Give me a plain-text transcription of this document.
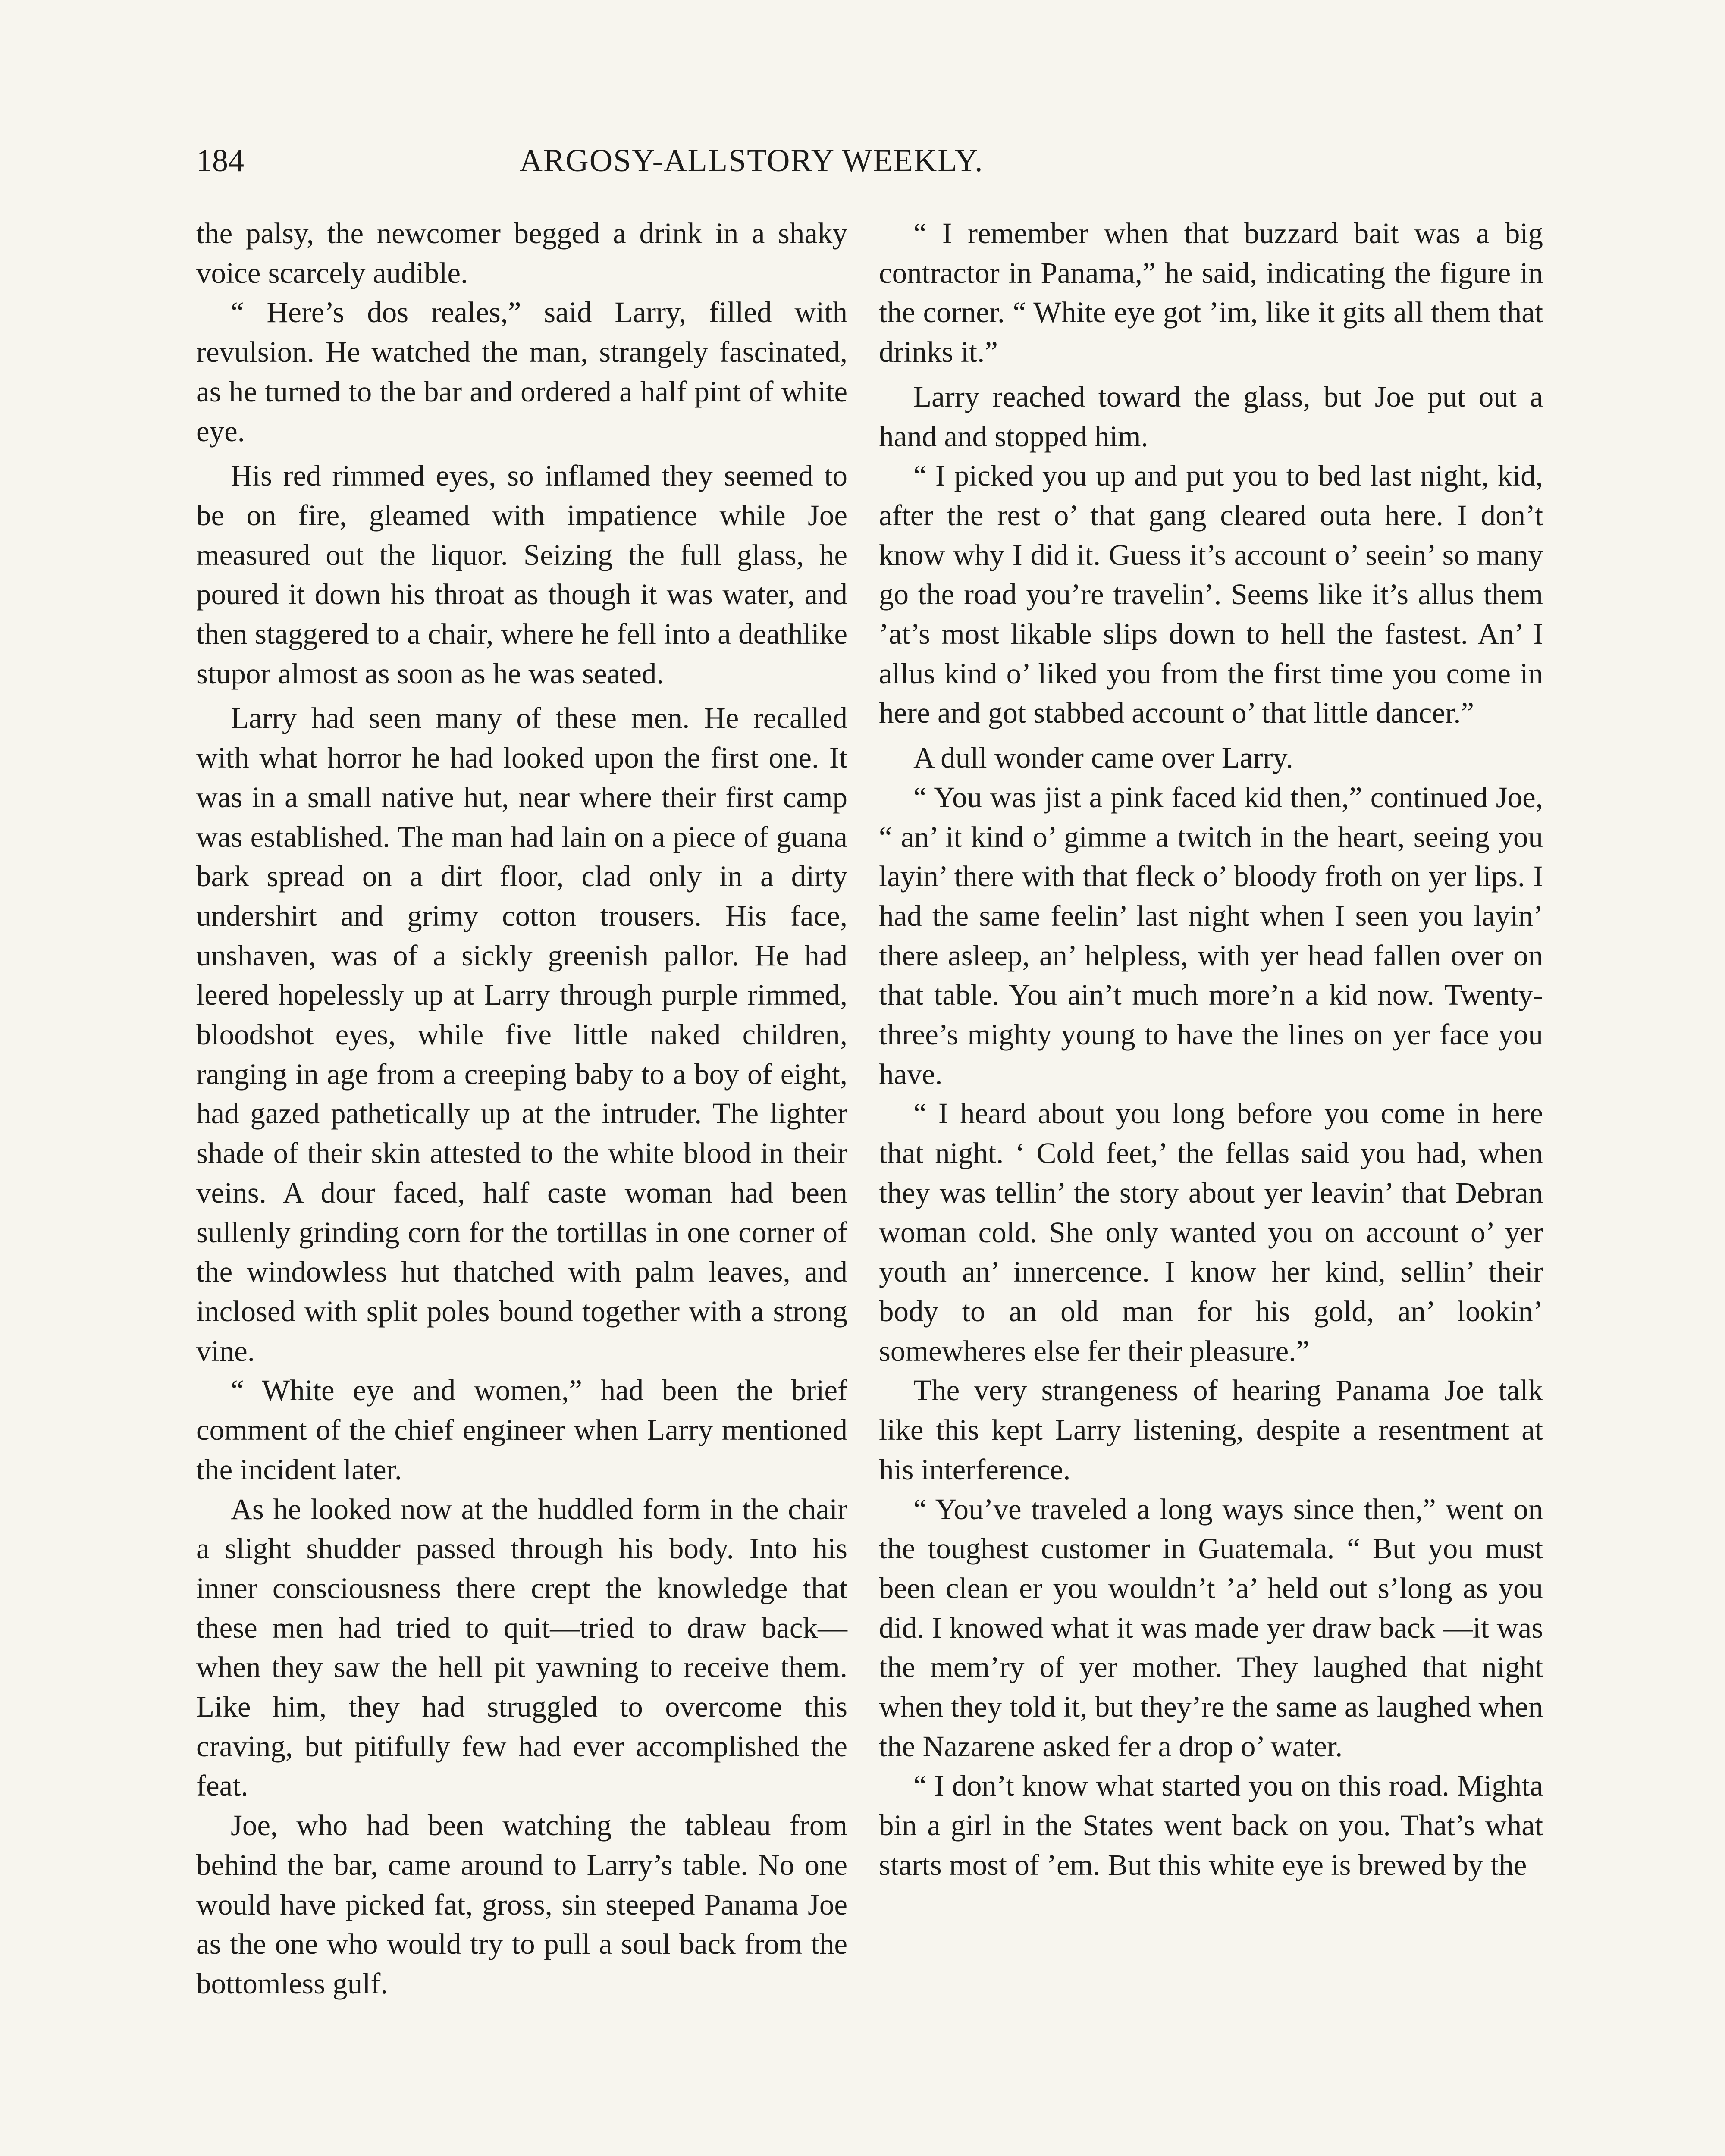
184	ARGOSY-ALLSTORY WEEKLY.

the palsy, the newcomer begged a drink in a shaky voice scarcely audible.

“ Here’s dos reales,” said Larry, filled with revulsion. He watched the man, strangely fascinated, as he turned to the bar and ordered a half pint of white eye.

His red rimmed eyes, so inflamed they seemed to be on fire, gleamed with impatience while Joe measured out the liquor. Seizing the full glass, he poured it down his throat as though it was water, and then staggered to a chair, where he fell into a deathlike stupor almost as soon as he was seated.

Larry had seen many of these men. He recalled with what horror he had looked upon the first one. It was in a small native hut, near where their first camp was established. The man had lain on a piece of guana bark spread on a dirt floor, clad only in a dirty undershirt and grimy cotton trousers. His face, unshaven, was of a sickly greenish pallor. He had leered hopelessly up at Larry through purple rimmed, bloodshot eyes, while five little naked children, ranging in age from a creeping baby to a boy of eight, had gazed pathetically up at the intruder. The lighter shade of their skin attested to the white blood in their veins. A dour faced, half caste woman had been sullenly grinding corn for the tortillas in one corner of the windowless hut thatched with palm leaves, and inclosed with split poles bound together with a strong vine.

“ White eye and women,” had been the brief comment of the chief engineer when Larry mentioned the incident later.

As he looked now at the huddled form in the chair a slight shudder passed through his body. Into his inner consciousness there crept the knowledge that these men had tried to quit—tried to draw back—when they saw the hell pit yawning to receive them. Like him, they had struggled to overcome this craving, but pitifully few had ever accomplished the feat.

Joe, who had been watching the tableau from behind the bar, came around to Larry’s table. No one would have picked fat, gross, sin steeped Panama Joe as the one who would try to pull a soul back from the bottomless gulf.

“ I remember when that buzzard bait was a big contractor in Panama,” he said, indicating the figure in the corner. “ White eye got ’im, like it gits all them that drinks it.”

Larry reached toward the glass, but Joe put out a hand and stopped him.

“ I picked you up and put you to bed last night, kid, after the rest o’ that gang cleared outa here. I don’t know why I did it. Guess it’s account o’ seein’ so many go the road you’re travelin’. Seems like it’s allus them ’at’s most likable slips down to hell the fastest. An’ I allus kind o’ liked you from the first time you come in here and got stabbed account o’ that little dancer.”

A dull wonder came over Larry.

“ You was jist a pink faced kid then,” continued Joe, “ an’ it kind o’ gimme a twitch in the heart, seeing you layin’ there with that fleck o’ bloody froth on yer lips. I had the same feelin’ last night when I seen you layin’ there asleep, an’ helpless, with yer head fallen over on that table. You ain’t much more’n a kid now. Twenty-three’s mighty young to have the lines on yer face you have.

“ I heard about you long before you come in here that night. ‘ Cold feet,’ the fellas said you had, when they was tellin’ the story about yer leavin’ that Debran woman cold. She only wanted you on account o’ yer youth an’ innercence. I know her kind, sellin’ their body to an old man for his gold, an’ lookin’ somewheres else fer their pleasure.”

The very strangeness of hearing Panama Joe talk like this kept Larry listening, despite a resentment at his interference.

“ You’ve traveled a long ways since then,” went on the toughest customer in Guatemala. “ But you must been clean er you wouldn’t ’a’ held out s’long as you did. I knowed what it was made yer draw back —it was the mem’ry of yer mother. They laughed that night when they told it, but they’re the same as laughed when the Nazarene asked fer a drop o’ water.

“ I don’t know what started you on this road. Mighta bin a girl in the States went back on you. That’s what starts most of ’em. But this white eye is brewed by the
